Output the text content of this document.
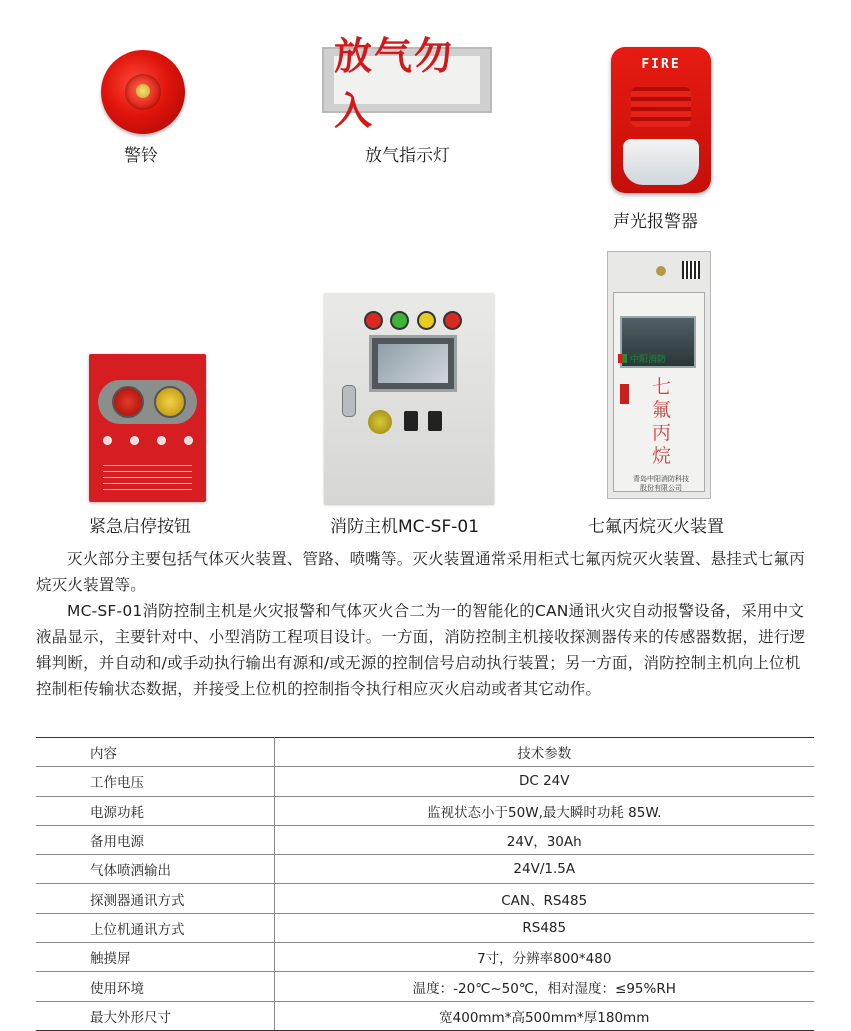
警铃
放气勿入
放气指示灯
FIRE
声光报警器
紧急启停按钮	消防主机MC-SF-01
中阳消防
七氟丙烷
青岛中阳消防科技
股份有限公司
七氟丙烷灭火装置

灭火部分主要包括气体灭火装置、管路、喷嘴等。灭火装置通常采用柜式七氟丙烷灭火装置、悬挂式七氟丙烷灭火装置等。

MC-SF-01消防控制主机是火灾报警和气体灭火合二为一的智能化的CAN通讯火灾自动报警设备，采用中文液晶显示，主要针对中、小型消防工程项目设计。一方面，消防控制主机接收探测器传来的传感器数据，进行逻辑判断，并自动和/或手动执行输出有源和/或无源的控制信号启动执行装置；另一方面，消防控制主机向上位机控制柜传输状态数据，并接受上位机的控制指令执行相应灭火启动或者其它动作。

内容	技术参数
工作电压	DC 24V
电源功耗	监视状态小于50W,最大瞬时功耗 85W.
备用电源	24V，30Ah
气体喷洒输出	24V/1.5A
探测器通讯方式	CAN、RS485
上位机通讯方式	RS485
触摸屏	7寸，分辨率800*480
使用环境	温度：-20℃~50℃，相对湿度：≤95%RH
最大外形尺寸	宽400mm*高500mm*厚180mm
